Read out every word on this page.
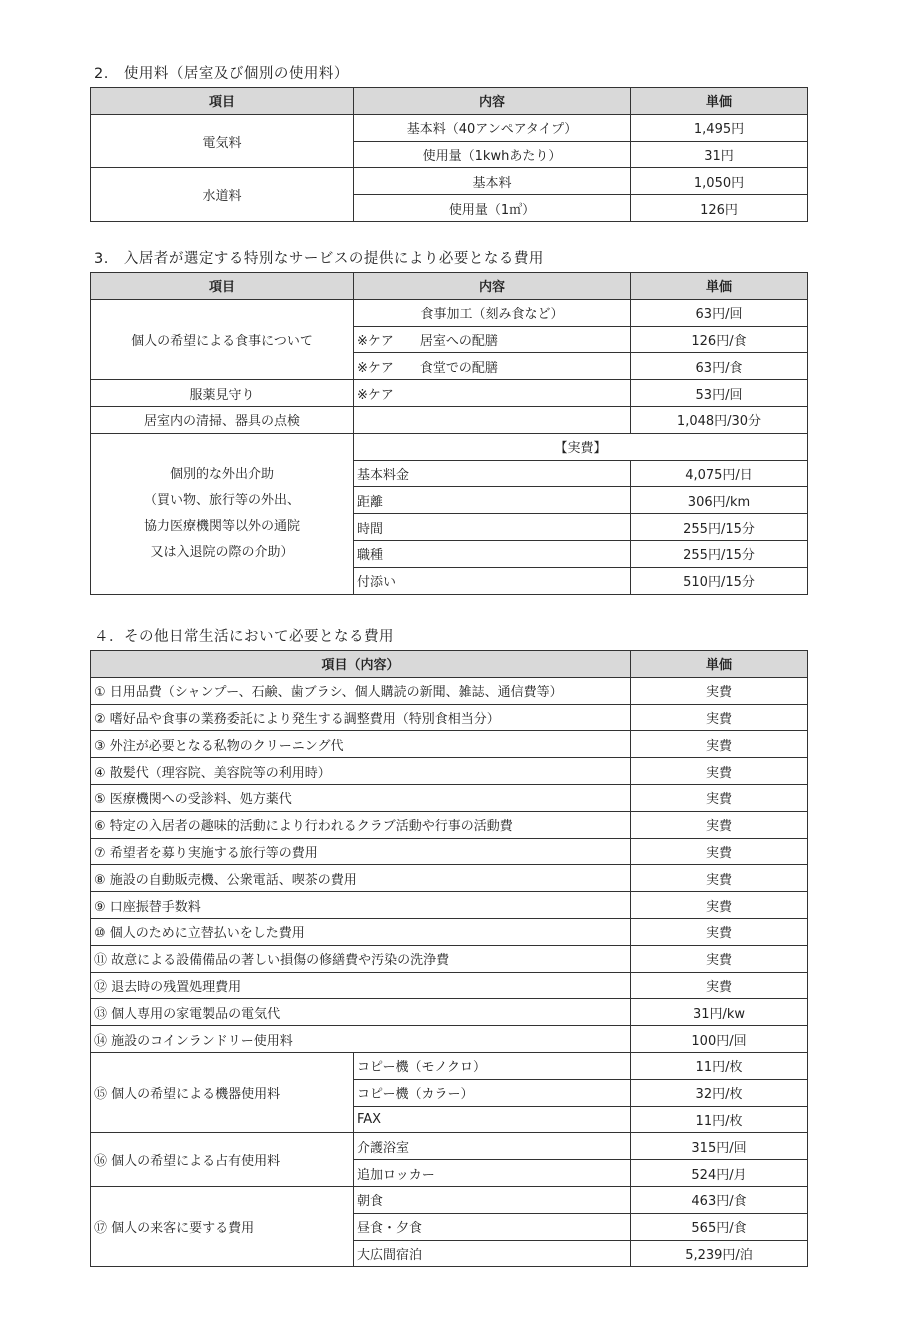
2.　使用料（居室及び個別の使用料）
項目	内容	単価
電気料	基本料（40アンペアタイプ）	1,495円
	使用量（1kwhあたり）	31円
水道料	基本料	1,050円
	使用量（1㎥）	126円
3.　入居者が選定する特別なサービスの提供により必要となる費用
項目	内容	単価
個人の希望による食事について	食事加工（刻み食など）	63円/回
	※ケア　　居室への配膳	126円/食
	※ケア　　食堂での配膳	63円/食
服薬見守り	※ケア	53円/回
居室内の清掃、器具の点検		1,048円/30分

個別的な外出介助
（買い物、旅行等の外出、
協力医療機関等以外の通院
又は入退院の際の介助）	【実費】	
	基本料金	4,075円/日
	距離	306円/km
	時間	255円/15分
	職種	255円/15分
	付添い	510円/15分
４．その他日常生活において必要となる費用
項目（内容）		単価
① 日用品費（シャンプー、石鹸、歯ブラシ、個人購読の新聞、雑誌、通信費等）		実費
② 嗜好品や食事の業務委託により発生する調整費用（特別食相当分）		実費
③ 外注が必要となる私物のクリーニング代		実費
④ 散髪代（理容院、美容院等の利用時）		実費
⑤ 医療機関への受診料、処方薬代		実費
⑥ 特定の入居者の趣味的活動により行われるクラブ活動や行事の活動費		実費
⑦ 希望者を募り実施する旅行等の費用		実費
⑧ 施設の自動販売機、公衆電話、喫茶の費用		実費
⑨ 口座振替手数料		実費
⑩ 個人のために立替払いをした費用		実費
⑪ 故意による設備備品の著しい損傷の修繕費や汚染の洗浄費		実費
⑫ 退去時の残置処理費用		実費
⑬ 個人専用の家電製品の電気代		31円/kw
⑭ 施設のコインランドリー使用料		100円/回
⑮ 個人の希望による機器使用料	コピー機（モノクロ）	11円/枚
	コピー機（カラー）	32円/枚
	FAX	11円/枚
⑯ 個人の希望による占有使用料	介護浴室	315円/回
	追加ロッカー	524円/月
⑰ 個人の来客に要する費用	朝食	463円/食
	昼食・夕食	565円/食
	大広間宿泊	5,239円/泊
